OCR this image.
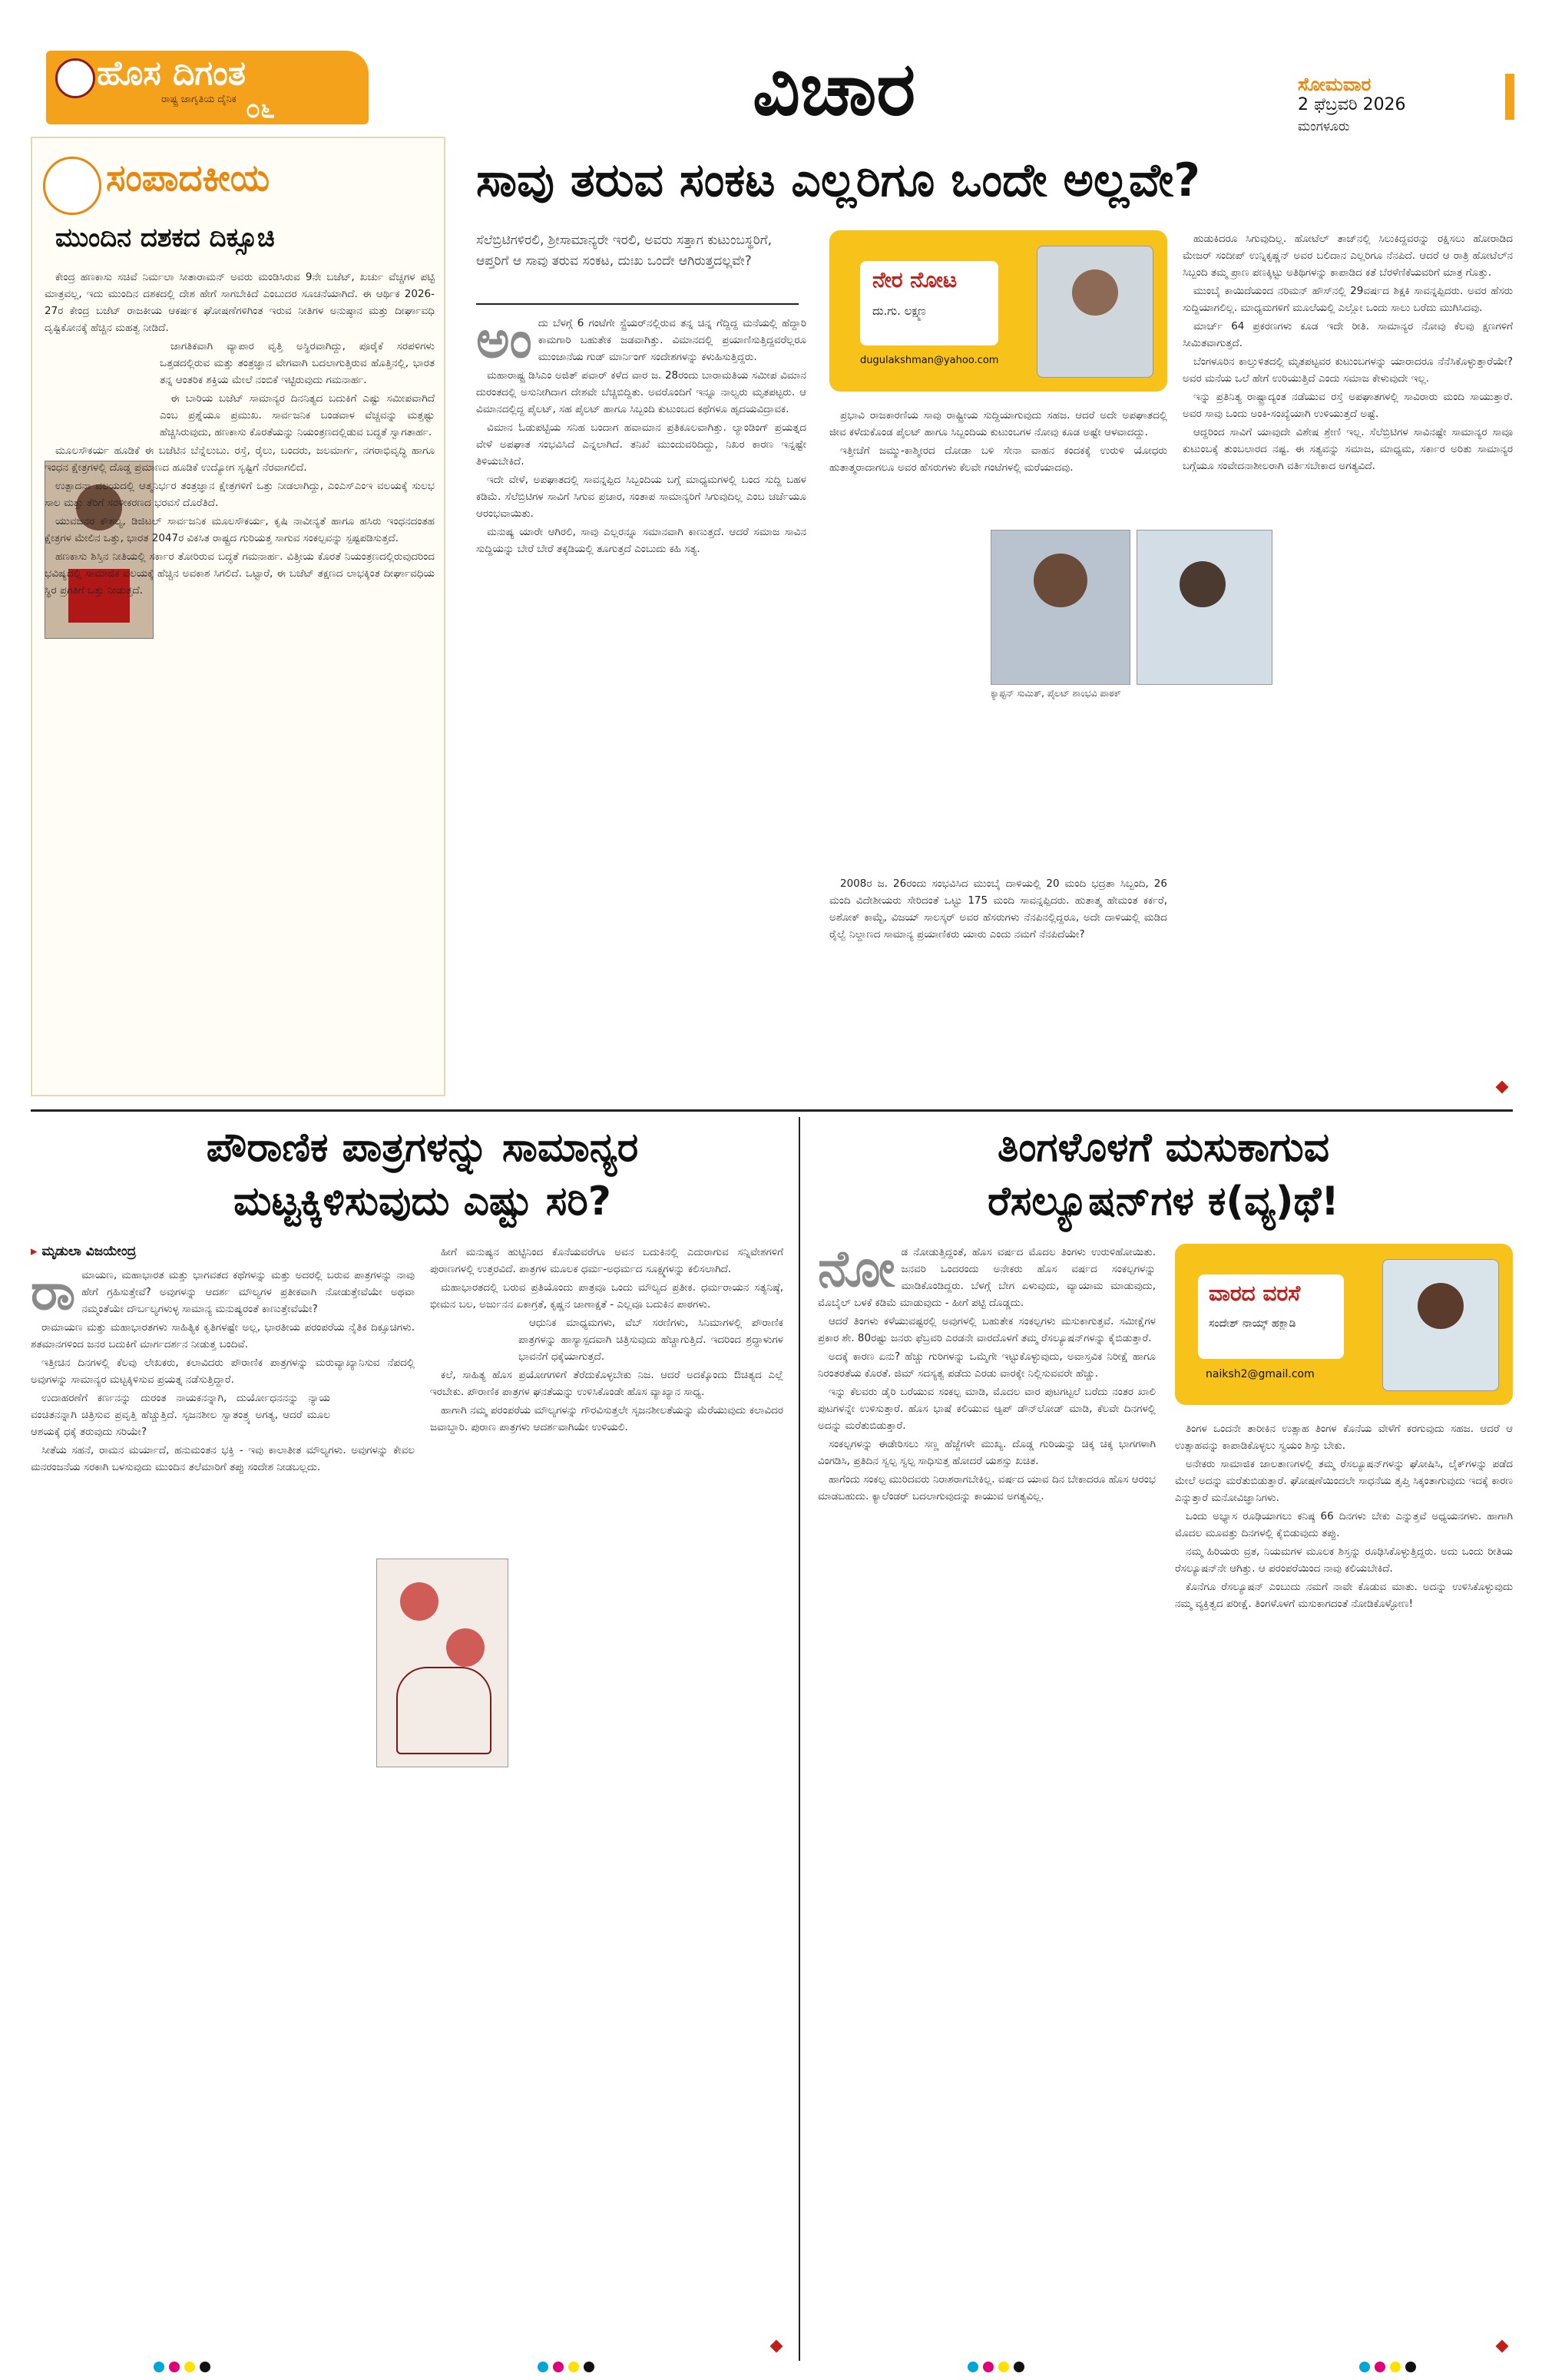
ಹೊಸ ದಿಗಂತ
ರಾಷ್ಟ್ರ ಜಾಗೃತಿಯ ದೈನಿಕ ೦೬	ವಿಚಾರ	ಸೋಮವಾರ
2 ಫೆಬ್ರವರಿ 2026
ಮಂಗಳೂರು
ಸಂಪಾದಕೀಯ
ಮುಂದಿನ ದಶಕದ ದಿಕ್ಸೂಚಿ

ಕೇಂದ್ರ ಹಣಕಾಸು ಸಚಿವೆ ನಿರ್ಮಲಾ ಸೀತಾರಾಮನ್ ಅವರು ಮಂಡಿಸಿರುವ 9ನೇ ಬಜೆಟ್, ಖರ್ಚು ವೆಚ್ಚಗಳ ಪಟ್ಟಿ ಮಾತ್ರವಲ್ಲ, ಇದು ಮುಂದಿನ ದಶಕದಲ್ಲಿ ದೇಶ ಹೇಗೆ ಸಾಗಬೇಕಿದೆ ಎಂಬುದರ ಸೂಚನೆಯಾಗಿದೆ. ಈ ಆರ್ಥಿಕ 2026-27ರ ಕೇಂದ್ರ ಬಜೆಟ್ ರಾಜಕೀಯ ಆಕರ್ಷಕ ಘೋಷಣೆಗಳಿಗಿಂತ ಇರುವ ನೀತಿಗಳ ಅನುಷ್ಠಾನ ಮತ್ತು ದೀರ್ಘಾವಧಿ ದೃಷ್ಟಿಕೋನಕ್ಕೆ ಹೆಚ್ಚಿನ ಮಹತ್ವ ನೀಡಿದೆ.

ಜಾಗತಿಕವಾಗಿ ವ್ಯಾಪಾರ ವೃತ್ತಿ ಅಸ್ಥಿರವಾಗಿದ್ದು, ಪೂರೈಕೆ ಸರಪಳಿಗಳು ಒತ್ತಡದಲ್ಲಿರುವ ಮತ್ತು ತಂತ್ರಜ್ಞಾನ ವೇಗವಾಗಿ ಬದಲಾಗುತ್ತಿರುವ ಹೊತ್ತಿನಲ್ಲಿ, ಭಾರತ ತನ್ನ ಆಂತರಿಕ ಶಕ್ತಿಯ ಮೇಲೆ ನಂಬಿಕೆ ಇಟ್ಟಿರುವುದು ಗಮನಾರ್ಹ.

ಈ ಬಾರಿಯ ಬಜೆಟ್ ಸಾಮಾನ್ಯರ ದಿನನಿತ್ಯದ ಬದುಕಿಗೆ ಎಷ್ಟು ಸಮೀಪವಾಗಿದೆ ಎಂಬ ಪ್ರಶ್ನೆಯೂ ಪ್ರಮುಖ. ಸಾರ್ವಜನಿಕ ಬಂಡವಾಳ ವೆಚ್ಚವನ್ನು ಮತ್ತಷ್ಟು ಹೆಚ್ಚಿಸಿರುವುದು, ಹಣಕಾಸು ಕೊರತೆಯನ್ನು ನಿಯಂತ್ರಣದಲ್ಲಿಡುವ ಬದ್ಧತೆ ಸ್ವಾಗತಾರ್ಹ.

ಮೂಲಸೌಕರ್ಯ ಹೂಡಿಕೆ ಈ ಬಜೆಟಿನ ಬೆನ್ನೆಲುಬು. ರಸ್ತೆ, ರೈಲು, ಬಂದರು, ಜಲಮಾರ್ಗ, ನಗರಾಭಿವೃದ್ಧಿ ಹಾಗೂ ಇಂಧನ ಕ್ಷೇತ್ರಗಳಲ್ಲಿ ದೊಡ್ಡ ಪ್ರಮಾಣದ ಹೂಡಿಕೆ ಉದ್ಯೋಗ ಸೃಷ್ಟಿಗೆ ನೆರವಾಗಲಿದೆ.

ಉತ್ಪಾದನಾ ವಲಯದಲ್ಲಿ ಆತ್ಮನಿರ್ಭರ ತಂತ್ರಜ್ಞಾನ ಕ್ಷೇತ್ರಗಳಿಗೆ ಒತ್ತು ನೀಡಲಾಗಿದ್ದು, ಎಂಎಸ್‌ಎಂಇ ವಲಯಕ್ಕೆ ಸುಲಭ ಸಾಲ ಮತ್ತು ತೆರಿಗೆ ಸರಳೀಕರಣದ ಭರವಸೆ ದೊರೆತಿದೆ.

ಯುವಜನರ ಕೌಶಲ್ಯ, ಡಿಜಿಟಲ್ ಸಾರ್ವಜನಿಕ ಮೂಲಸೌಕರ್ಯ, ಕೃಷಿ ನಾವೀನ್ಯತೆ ಹಾಗೂ ಹಸಿರು ಇಂಧನದಂತಹ ಕ್ಷೇತ್ರಗಳ ಮೇಲಿನ ಒತ್ತು, ಭಾರತ 2047ರ ವಿಕಸಿತ ರಾಷ್ಟ್ರದ ಗುರಿಯತ್ತ ಸಾಗುವ ಸಂಕಲ್ಪವನ್ನು ಸ್ಪಷ್ಟಪಡಿಸುತ್ತದೆ.

ಹಣಕಾಸು ಶಿಸ್ತಿನ ನೀತಿಯಲ್ಲಿ ಸರ್ಕಾರ ತೋರಿರುವ ಬದ್ಧತೆ ಗಮನಾರ್ಹ. ವಿತ್ತೀಯ ಕೊರತೆ ನಿಯಂತ್ರಣದಲ್ಲಿರುವುದರಿಂದ ಭವಿಷ್ಯದಲ್ಲಿ ಸಾಮಾಜಿಕ ವಲಯಕ್ಕೆ ಹೆಚ್ಚಿನ ಅವಕಾಶ ಸಿಗಲಿದೆ. ಒಟ್ಟಾರೆ, ಈ ಬಜೆಟ್ ತಕ್ಷಣದ ಲಾಭಕ್ಕಿಂತ ದೀರ್ಘಾವಧಿಯ ಸ್ಥಿರ ಪ್ರಗತಿಗೆ ಒತ್ತು ನೀಡುತ್ತದೆ.

ಸಾವು ತರುವ ಸಂಕಟ ಎಲ್ಲರಿಗೂ ಒಂದೇ ಅಲ್ಲವೇ?
ಸೆಲೆಬ್ರಿಟಿಗಳಿರಲಿ, ಶ್ರೀಸಾಮಾನ್ಯರೇ ಇರಲಿ, ಅವರು ಸತ್ತಾಗ ಕುಟುಂಬಸ್ಥರಿಗೆ, ಆಪ್ತರಿಗೆ ಆ ಸಾವು ತರುವ ಸಂಕಟ, ದುಃಖ ಒಂದೇ ಆಗಿರುತ್ತದಲ್ಲವೇ?
ಅಂ ದು ಬೆಳಗ್ಗೆ 6 ಗಂಟೆಗೇ ಸ್ಟ್ರೆಯರ್‌ನಲ್ಲಿರುವ ತನ್ನ ಚಿನ್ನ ಗೆದ್ದಿದ್ದ ಮನೆಯಲ್ಲಿ ಹೆದ್ದಾರಿ ಕಾಮಗಾರಿ ಬಹುತೇಕ ಜಡವಾಗಿತ್ತು. ವಿಮಾನದಲ್ಲಿ ಪ್ರಯಾಣಿಸುತ್ತಿದ್ದವರೆಲ್ಲರೂ ಮುಂಜಾನೆಯ ಗುಡ್ ಮಾರ್ನಿಂಗ್ ಸಂದೇಶಗಳನ್ನು ಕಳುಹಿಸುತ್ತಿದ್ದರು.

ಮಹಾರಾಷ್ಟ್ರ ಡಿಸಿಎಂ ಅಜಿತ್ ಪವಾರ್ ಕಳೆದ ವಾರ ಜ. 28ರಂದು ಬಾರಾಮತಿಯ ಸಮೀಪ ವಿಮಾನ ದುರಂತದಲ್ಲಿ ಅಸುನೀಗಿದಾಗ ದೇಶವೇ ಬೆಚ್ಚಿಬಿದ್ದಿತು. ಅವರೊಂದಿಗೆ ಇನ್ನೂ ನಾಲ್ವರು ಮೃತಪಟ್ಟರು. ಆ ವಿಮಾನದಲ್ಲಿದ್ದ ಪೈಲಟ್, ಸಹ ಪೈಲಟ್ ಹಾಗೂ ಸಿಬ್ಬಂದಿ ಕುಟುಂಬದ ಕಥೆಗಳೂ ಹೃದಯವಿದ್ರಾವಕ.

ವಿಮಾನ ಓಡುಪಟ್ಟಿಯ ಸನಿಹ ಬಂದಾಗ ಹವಾಮಾನ ಪ್ರತಿಕೂಲವಾಗಿತ್ತು. ಲ್ಯಾಂಡಿಂಗ್ ಪ್ರಯತ್ನದ ವೇಳೆ ಅಪಘಾತ ಸಂಭವಿಸಿದೆ ಎನ್ನಲಾಗಿದೆ. ತನಿಖೆ ಮುಂದುವರಿದಿದ್ದು, ನಿಖರ ಕಾರಣ ಇನ್ನಷ್ಟೇ ತಿಳಿಯಬೇಕಿದೆ.

ಇದೇ ವೇಳೆ, ಅಪಘಾತದಲ್ಲಿ ಸಾವನ್ನಪ್ಪಿದ ಸಿಬ್ಬಂದಿಯ ಬಗ್ಗೆ ಮಾಧ್ಯಮಗಳಲ್ಲಿ ಬಂದ ಸುದ್ದಿ ಬಹಳ ಕಡಿಮೆ. ಸೆಲೆಬ್ರಿಟಿಗಳ ಸಾವಿಗೆ ಸಿಗುವ ಪ್ರಚಾರ, ಸಂತಾಪ ಸಾಮಾನ್ಯರಿಗೆ ಸಿಗುವುದಿಲ್ಲ ಎಂಬ ಚರ್ಚೆಯೂ ಆರಂಭವಾಯಿತು.

ಮನುಷ್ಯ ಯಾರೇ ಆಗಿರಲಿ, ಸಾವು ಎಲ್ಲರನ್ನೂ ಸಮಾನವಾಗಿ ಕಾಣುತ್ತದೆ. ಆದರೆ ಸಮಾಜ ಸಾವಿನ ಸುದ್ದಿಯನ್ನು ಬೇರೆ ಬೇರೆ ತಕ್ಕಡಿಯಲ್ಲಿ ತೂಗುತ್ತದೆ ಎಂಬುದು ಕಹಿ ಸತ್ಯ.

ನೇರ ನೋಟ
ದು.ಗು. ಲಕ್ಷ್ಮಣ
dugulakshman@yahoo.com

ಪ್ರಭಾವಿ ರಾಜಕಾರಣಿಯ ಸಾವು ರಾಷ್ಟ್ರೀಯ ಸುದ್ದಿಯಾಗುವುದು ಸಹಜ. ಆದರೆ ಅದೇ ಅಪಘಾತದಲ್ಲಿ ಜೀವ ಕಳೆದುಕೊಂಡ ಪೈಲಟ್ ಹಾಗೂ ಸಿಬ್ಬಂದಿಯ ಕುಟುಂಬಗಳ ನೋವು ಕೂಡ ಅಷ್ಟೇ ಆಳವಾದದ್ದು.

ಇತ್ತೀಚೆಗೆ ಜಮ್ಮು-ಕಾಶ್ಮೀರದ ದೋಡಾ ಬಳಿ ಸೇನಾ ವಾಹನ ಕಂದಕಕ್ಕೆ ಉರುಳಿ ಯೋಧರು ಹುತಾತ್ಮರಾದಾಗಲೂ ಅವರ ಹೆಸರುಗಳು ಕೆಲವೇ ಗಂಟೆಗಳಲ್ಲಿ ಮರೆಯಾದವು.

ಕ್ಯಾಪ್ಟನ್ ಸುಮಿತ್, ಪೈಲಟ್ ಶಾಂಭವಿ ಪಾಠಕ್

2008ರ ಜ. 26ರಂದು ಸಂಭವಿಸಿದ ಮುಂಬೈ ದಾಳಿಯಲ್ಲಿ 20 ಮಂದಿ ಭದ್ರತಾ ಸಿಬ್ಬಂದಿ, 26 ಮಂದಿ ವಿದೇಶೀಯರು ಸೇರಿದಂತೆ ಒಟ್ಟು 175 ಮಂದಿ ಸಾವನ್ನಪ್ಪಿದರು. ಹುತಾತ್ಮ ಹೇಮಂತ ಕರ್ಕರೆ, ಅಶೋಕ್ ಕಾಮ್ಟೆ, ವಿಜಯ್ ಸಾಲಸ್ಕರ್ ಅವರ ಹೆಸರುಗಳು ನೆನಪಿನಲ್ಲಿದ್ದರೂ, ಅದೇ ದಾಳಿಯಲ್ಲಿ ಮಡಿದ ರೈಲ್ವೆ ನಿಲ್ದಾಣದ ಸಾಮಾನ್ಯ ಪ್ರಯಾಣಿಕರು ಯಾರು ಎಂದು ನಮಗೆ ನೆನಪಿದೆಯೇ?

ಹುಡುಕಿದರೂ ಸಿಗುವುದಿಲ್ಲ. ಹೋಟೆಲ್ ತಾಜ್‌ನಲ್ಲಿ ಸಿಲುಕಿದ್ದವರನ್ನು ರಕ್ಷಿಸಲು ಹೋರಾಡಿದ ಮೇಜರ್ ಸಂದೀಪ್ ಉನ್ನಿಕೃಷ್ಣನ್ ಅವರ ಬಲಿದಾನ ಎಲ್ಲರಿಗೂ ನೆನಪಿದೆ. ಆದರೆ ಆ ರಾತ್ರಿ ಹೋಟೆಲ್‌ನ ಸಿಬ್ಬಂದಿ ತಮ್ಮ ಪ್ರಾಣ ಪಣಕ್ಕಿಟ್ಟು ಅತಿಥಿಗಳನ್ನು ಕಾಪಾಡಿದ ಕತೆ ಬೆರಳೆಣಿಕೆಯವರಿಗೆ ಮಾತ್ರ ಗೊತ್ತು.

ಮುಂಬೈ ಕಾಯಿದೆಯಂದ ನರಿಮನ್ ಹೌಸ್‌ನಲ್ಲಿ 29ವರ್ಷದ ಶಿಕ್ಷಕಿ ಸಾವನ್ನಪ್ಪಿದರು. ಅವರ ಹೆಸರು ಸುದ್ದಿಯಾಗಲಿಲ್ಲ. ಮಾಧ್ಯಮಗಳಿಗೆ ಮೂಲೆಯಲ್ಲಿ ಎಲ್ಲೋ ಒಂದು ಸಾಲು ಬರೆದು ಮುಗಿಸಿದವು.

ಮಾರ್ಚ್ 64 ಪ್ರಕರಣಗಳು ಕೂಡ ಇದೇ ರೀತಿ. ಸಾಮಾನ್ಯರ ನೋವು ಕೆಲವು ಕ್ಷಣಗಳಿಗೆ ಸೀಮಿತವಾಗುತ್ತದೆ.

ಬೆಂಗಳೂರಿನ ಕಾಲ್ತುಳಿತದಲ್ಲಿ ಮೃತಪಟ್ಟವರ ಕುಟುಂಬಗಳನ್ನು ಯಾರಾದರೂ ನೆನೆಸಿಕೊಳ್ಳುತ್ತಾರೆಯೇ? ಅವರ ಮನೆಯ ಒಲೆ ಹೇಗೆ ಉರಿಯುತ್ತಿದೆ ಎಂದು ಸಮಾಜ ಕೇಳುವುದೇ ಇಲ್ಲ.

ಇನ್ನು ಪ್ರತಿನಿತ್ಯ ರಾಷ್ಟ್ರಾದ್ಯಂತ ನಡೆಯುವ ರಸ್ತೆ ಅಪಘಾತಗಳಲ್ಲಿ ಸಾವಿರಾರು ಮಂದಿ ಸಾಯುತ್ತಾರೆ. ಅವರ ಸಾವು ಒಂದು ಅಂಕಿ-ಸಂಖ್ಯೆಯಾಗಿ ಉಳಿಯುತ್ತದೆ ಅಷ್ಟೆ.

ಆದ್ದರಿಂದ ಸಾವಿಗೆ ಯಾವುದೇ ವಿಶೇಷ ಶ್ರೇಣಿ ಇಲ್ಲ. ಸೆಲೆಬ್ರಿಟಿಗಳ ಸಾವಿನಷ್ಟೇ ಸಾಮಾನ್ಯರ ಸಾವೂ ಕುಟುಂಬಕ್ಕೆ ತುಂಬಲಾರದ ನಷ್ಟ. ಈ ಸತ್ಯವನ್ನು ಸಮಾಜ, ಮಾಧ್ಯಮ, ಸರ್ಕಾರ ಅರಿತು ಸಾಮಾನ್ಯರ ಬಗ್ಗೆಯೂ ಸಂವೇದನಾಶೀಲರಾಗಿ ವರ್ತಿಸಬೇಕಾದ ಅಗತ್ಯವಿದೆ.

ಪೌರಾಣಿಕ ಪಾತ್ರಗಳನ್ನು ಸಾಮಾನ್ಯರ
ಮಟ್ಟಕ್ಕಿಳಿಸುವುದು ಎಷ್ಟು ಸರಿ?
▸ ಮೃಡುಲಾ ವಿಜಯೇಂದ್ರ
ರಾ ಮಾಯಣ, ಮಹಾಭಾರತ ಮತ್ತು ಭಾಗವತದ ಕಥೆಗಳನ್ನು ಮತ್ತು ಅದರಲ್ಲಿ ಬರುವ ಪಾತ್ರಗಳನ್ನು ನಾವು ಹೇಗೆ ಗ್ರಹಿಸುತ್ತೇವೆ? ಅವುಗಳನ್ನು ಆದರ್ಶ ಮೌಲ್ಯಗಳ ಪ್ರತೀಕವಾಗಿ ನೋಡುತ್ತೇವೆಯೇ ಅಥವಾ ನಮ್ಮಂತೆಯೇ ದೌರ್ಬಲ್ಯಗಳುಳ್ಳ ಸಾಮಾನ್ಯ ಮನುಷ್ಯರಂತೆ ಕಾಣುತ್ತೇವೆಯೇ?

ರಾಮಾಯಣ ಮತ್ತು ಮಹಾಭಾರತಗಳು ಸಾಹಿತ್ಯಿಕ ಕೃತಿಗಳಷ್ಟೇ ಅಲ್ಲ, ಭಾರತೀಯ ಪರಂಪರೆಯ ನೈತಿಕ ದಿಕ್ಸೂಚಿಗಳು. ಶತಮಾನಗಳಿಂದ ಜನರ ಬದುಕಿಗೆ ಮಾರ್ಗದರ್ಶನ ನೀಡುತ್ತ ಬಂದಿವೆ.

ಇತ್ತೀಚಿನ ದಿನಗಳಲ್ಲಿ ಕೆಲವು ಲೇಖಕರು, ಕಲಾವಿದರು ಪೌರಾಣಿಕ ಪಾತ್ರಗಳನ್ನು ಮರುವ್ಯಾಖ್ಯಾನಿಸುವ ನೆಪದಲ್ಲಿ ಅವುಗಳನ್ನು ಸಾಮಾನ್ಯರ ಮಟ್ಟಕ್ಕಿಳಿಸುವ ಪ್ರಯತ್ನ ನಡೆಸುತ್ತಿದ್ದಾರೆ.

ಉದಾಹರಣೆಗೆ ಕರ್ಣನನ್ನು ದುರಂತ ನಾಯಕನನ್ನಾಗಿ, ದುರ್ಯೋಧನನನ್ನು ನ್ಯಾಯ ವಂಚಿತನನ್ನಾಗಿ ಚಿತ್ರಿಸುವ ಪ್ರವೃತ್ತಿ ಹೆಚ್ಚುತ್ತಿದೆ. ಸೃಜನಶೀಲ ಸ್ವಾತಂತ್ರ್ಯ ಅಗತ್ಯ, ಆದರೆ ಮೂಲ ಆಶಯಕ್ಕೆ ಧಕ್ಕೆ ತರುವುದು ಸರಿಯೇ?

ಸೀತೆಯ ಸಹನೆ, ರಾಮನ ಮರ್ಯಾದೆ, ಹನುಮಂತನ ಭಕ್ತಿ - ಇವು ಕಾಲಾತೀತ ಮೌಲ್ಯಗಳು. ಅವುಗಳನ್ನು ಕೇವಲ ಮನರಂಜನೆಯ ಸರಕಾಗಿ ಬಳಸುವುದು ಮುಂದಿನ ತಲೆಮಾರಿಗೆ ತಪ್ಪು ಸಂದೇಶ ನೀಡಬಲ್ಲದು.

ಹೀಗೆ ಮನುಷ್ಯನ ಹುಟ್ಟಿನಿಂದ ಕೊನೆಯವರೆಗೂ ಅವನ ಬದುಕಿನಲ್ಲಿ ಎದುರಾಗುವ ಸನ್ನಿವೇಶಗಳಿಗೆ ಪುರಾಣಗಳಲ್ಲಿ ಉತ್ತರವಿದೆ. ಪಾತ್ರಗಳ ಮೂಲಕ ಧರ್ಮ-ಅಧರ್ಮದ ಸೂಕ್ಷ್ಮಗಳನ್ನು ಕಲಿಸಲಾಗಿದೆ.

ಮಹಾಭಾರತದಲ್ಲಿ ಬರುವ ಪ್ರತಿಯೊಂದು ಪಾತ್ರವೂ ಒಂದು ಮೌಲ್ಯದ ಪ್ರತೀಕ. ಧರ್ಮರಾಯನ ಸತ್ಯನಿಷ್ಠೆ, ಭೀಮನ ಬಲ, ಅರ್ಜುನನ ಏಕಾಗ್ರತೆ, ಕೃಷ್ಣನ ಚಾಣಾಕ್ಷತೆ - ಎಲ್ಲವೂ ಬದುಕಿನ ಪಾಠಗಳು.

ಆಧುನಿಕ ಮಾಧ್ಯಮಗಳು, ವೆಬ್ ಸರಣಿಗಳು, ಸಿನಿಮಾಗಳಲ್ಲಿ ಪೌರಾಣಿಕ ಪಾತ್ರಗಳನ್ನು ಹಾಸ್ಯಾಸ್ಪದವಾಗಿ ಚಿತ್ರಿಸುವುದು ಹೆಚ್ಚಾಗುತ್ತಿದೆ. ಇದರಿಂದ ಶ್ರದ್ಧಾಳುಗಳ ಭಾವನೆಗೆ ಧಕ್ಕೆಯಾಗುತ್ತದೆ.

ಕಲೆ, ಸಾಹಿತ್ಯ ಹೊಸ ಪ್ರಯೋಗಗಳಿಗೆ ತೆರೆದುಕೊಳ್ಳಬೇಕು ನಿಜ. ಆದರೆ ಅದಕ್ಕೊಂದು ಔಚಿತ್ಯದ ಎಲ್ಲೆ ಇರಬೇಕು. ಪೌರಾಣಿಕ ಪಾತ್ರಗಳ ಘನತೆಯನ್ನು ಉಳಿಸಿಕೊಂಡೇ ಹೊಸ ವ್ಯಾಖ್ಯಾನ ಸಾಧ್ಯ.

ಹಾಗಾಗಿ ನಮ್ಮ ಪರಂಪರೆಯ ಮೌಲ್ಯಗಳನ್ನು ಗೌರವಿಸುತ್ತಲೇ ಸೃಜನಶೀಲತೆಯನ್ನು ಮೆರೆಯುವುದು ಕಲಾವಿದರ ಜವಾಬ್ದಾರಿ. ಪುರಾಣ ಪಾತ್ರಗಳು ಆದರ್ಶವಾಗಿಯೇ ಉಳಿಯಲಿ.

ತಿಂಗಳೊಳಗೆ ಮಸುಕಾಗುವ
ರೆಸಲ್ಯೂಷನ್‌ಗಳ ಕ(ವ್ಯ)ಥೆ!
ನೋ ಡ ನೋಡುತ್ತಿದ್ದಂತೆ, ಹೊಸ ವರ್ಷದ ಮೊದಲ ತಿಂಗಳು ಉರುಳಿಹೋಯಿತು. ಜನವರಿ ಒಂದರಂದು ಅನೇಕರು ಹೊಸ ವರ್ಷದ ಸಂಕಲ್ಪಗಳನ್ನು ಮಾಡಿಕೊಂಡಿದ್ದರು. ಬೆಳಗ್ಗೆ ಬೇಗ ಏಳುವುದು, ವ್ಯಾಯಾಮ ಮಾಡುವುದು, ಮೊಬೈಲ್ ಬಳಕೆ ಕಡಿಮೆ ಮಾಡುವುದು - ಹೀಗೆ ಪಟ್ಟಿ ದೊಡ್ಡದು.

ಆದರೆ ತಿಂಗಳು ಕಳೆಯುವಷ್ಟರಲ್ಲಿ ಅವುಗಳಲ್ಲಿ ಬಹುತೇಕ ಸಂಕಲ್ಪಗಳು ಮಸುಕಾಗುತ್ತವೆ. ಸಮೀಕ್ಷೆಗಳ ಪ್ರಕಾರ ಶೇ. 80ರಷ್ಟು ಜನರು ಫೆಬ್ರವರಿ ಎರಡನೇ ವಾರದೊಳಗೆ ತಮ್ಮ ರೆಸಲ್ಯೂಷನ್‌ಗಳನ್ನು ಕೈಬಿಡುತ್ತಾರೆ.

ಅದಕ್ಕೆ ಕಾರಣ ಏನು? ಹೆಚ್ಚು ಗುರಿಗಳನ್ನು ಒಮ್ಮೆಗೇ ಇಟ್ಟುಕೊಳ್ಳುವುದು, ಅವಾಸ್ತವಿಕ ನಿರೀಕ್ಷೆ ಹಾಗೂ ನಿರಂತರತೆಯ ಕೊರತೆ. ಜಿಮ್ ಸದಸ್ಯತ್ವ ಪಡೆದು ಎರಡು ವಾರಕ್ಕೇ ನಿಲ್ಲಿಸುವವರೇ ಹೆಚ್ಚು.

ಇನ್ನು ಕೆಲವರು ಡೈರಿ ಬರೆಯುವ ಸಂಕಲ್ಪ ಮಾಡಿ, ಮೊದಲ ವಾರ ಪುಟಗಟ್ಟಲೆ ಬರೆದು ನಂತರ ಖಾಲಿ ಪುಟಗಳನ್ನೇ ಉಳಿಸುತ್ತಾರೆ. ಹೊಸ ಭಾಷೆ ಕಲಿಯುವ ಆ್ಯಪ್ ಡೌನ್‌ಲೋಡ್ ಮಾಡಿ, ಕೆಲವೇ ದಿನಗಳಲ್ಲಿ ಅದನ್ನು ಮರೆತುಬಿಡುತ್ತಾರೆ.

ಸಂಕಲ್ಪಗಳನ್ನು ಈಡೇರಿಸಲು ಸಣ್ಣ ಹೆಜ್ಜೆಗಳೇ ಮುಖ್ಯ. ದೊಡ್ಡ ಗುರಿಯನ್ನು ಚಿಕ್ಕ ಚಿಕ್ಕ ಭಾಗಗಳಾಗಿ ವಿಂಗಡಿಸಿ, ಪ್ರತಿದಿನ ಸ್ವಲ್ಪ ಸ್ವಲ್ಪ ಸಾಧಿಸುತ್ತ ಹೋದರೆ ಯಶಸ್ಸು ಖಚಿತ.

ಹಾಗೆಂದು ಸಂಕಲ್ಪ ಮುರಿದವರು ನಿರಾಶರಾಗಬೇಕಿಲ್ಲ. ವರ್ಷದ ಯಾವ ದಿನ ಬೇಕಾದರೂ ಹೊಸ ಆರಂಭ ಮಾಡಬಹುದು. ಕ್ಯಾಲೆಂಡರ್ ಬದಲಾಗುವುದನ್ನು ಕಾಯುವ ಅಗತ್ಯವಿಲ್ಲ.

ವಾರದ ವರಸೆ
ಸಂದೇಶ್ ನಾಯ್ಕ್ ಹಕ್ಲಾಡಿ
naiksh2@gmail.com

ತಿಂಗಳ ಒಂದನೇ ತಾರೀಕಿನ ಉತ್ಸಾಹ ತಿಂಗಳ ಕೊನೆಯ ವೇಳೆಗೆ ಕರಗುವುದು ಸಹಜ. ಆದರೆ ಆ ಉತ್ಸಾಹವನ್ನು ಕಾಪಾಡಿಕೊಳ್ಳಲು ಸ್ವಯಂ ಶಿಸ್ತು ಬೇಕು.

ಅನೇಕರು ಸಾಮಾಜಿಕ ಜಾಲತಾಣಗಳಲ್ಲಿ ತಮ್ಮ ರೆಸಲ್ಯೂಷನ್‌ಗಳನ್ನು ಘೋಷಿಸಿ, ಲೈಕ್‌ಗಳನ್ನು ಪಡೆದ ಮೇಲೆ ಅದನ್ನು ಮರೆತುಬಿಡುತ್ತಾರೆ. ಘೋಷಣೆಯಿಂದಲೇ ಸಾಧನೆಯ ತೃಪ್ತಿ ಸಿಕ್ಕಂತಾಗುವುದು ಇದಕ್ಕೆ ಕಾರಣ ಎನ್ನುತ್ತಾರೆ ಮನೋವಿಜ್ಞಾನಿಗಳು.

ಒಂದು ಅಭ್ಯಾಸ ರೂಢಿಯಾಗಲು ಕನಿಷ್ಠ 66 ದಿನಗಳು ಬೇಕು ಎನ್ನುತ್ತವೆ ಅಧ್ಯಯನಗಳು. ಹಾಗಾಗಿ ಮೊದಲ ಮೂವತ್ತು ದಿನಗಳಲ್ಲಿ ಕೈಬಿಡುವುದು ತಪ್ಪು.

ನಮ್ಮ ಹಿರಿಯರು ವ್ರತ, ನಿಯಮಗಳ ಮೂಲಕ ಶಿಸ್ತನ್ನು ರೂಢಿಸಿಕೊಳ್ಳುತ್ತಿದ್ದರು. ಅದು ಒಂದು ರೀತಿಯ ರೆಸಲ್ಯೂಷನ್‌ನೇ ಆಗಿತ್ತು. ಆ ಪರಂಪರೆಯಿಂದ ನಾವು ಕಲಿಯಬೇಕಿದೆ.

ಕೊನೆಗೂ ರೆಸಲ್ಯೂಷನ್ ಎಂಬುದು ನಮಗೆ ನಾವೇ ಕೊಡುವ ಮಾತು. ಅದನ್ನು ಉಳಿಸಿಕೊಳ್ಳುವುದು ನಮ್ಮ ವ್ಯಕ್ತಿತ್ವದ ಪರೀಕ್ಷೆ. ತಿಂಗಳೊಳಗೆ ಮಸುಕಾಗದಂತೆ ನೋಡಿಕೊಳ್ಳೋಣ!
